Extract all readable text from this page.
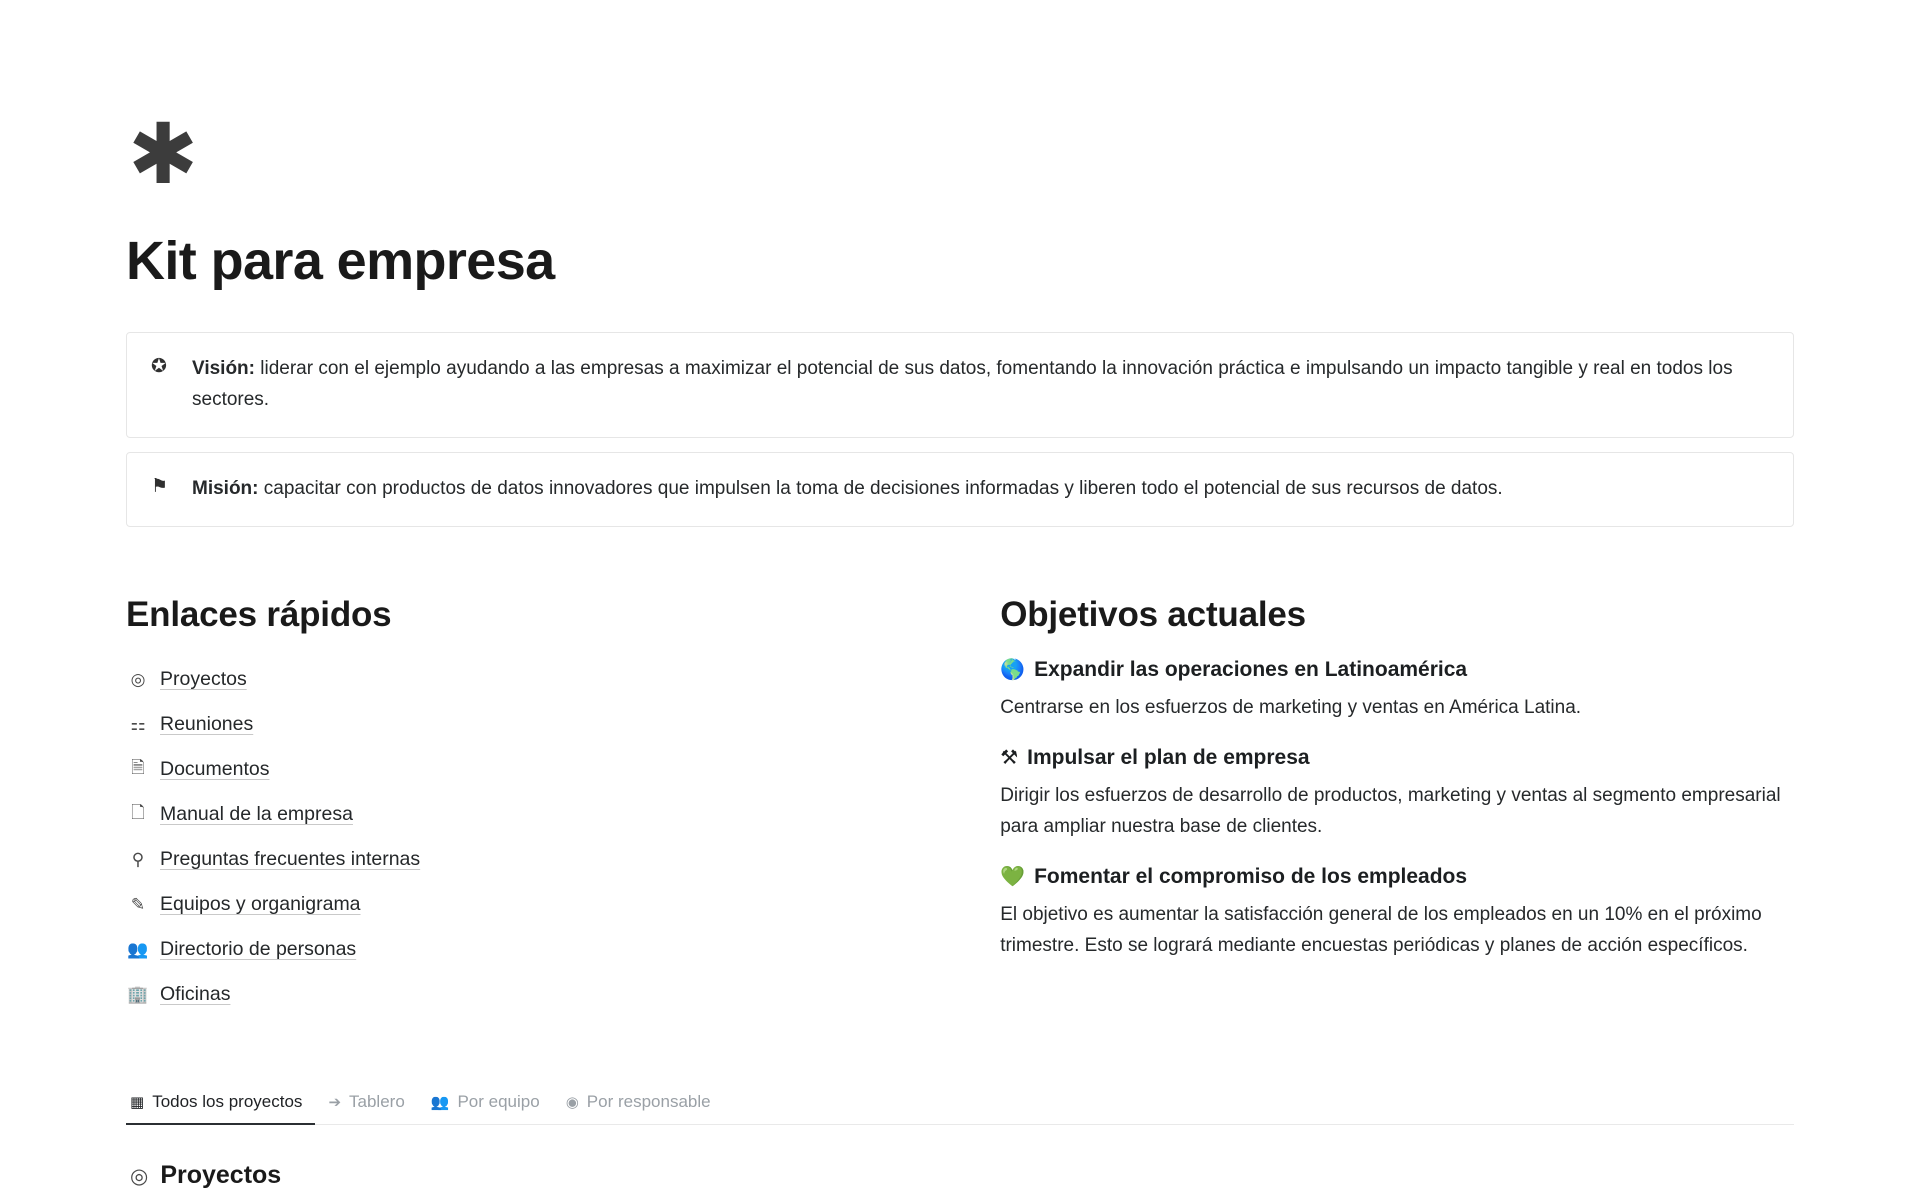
✱
Kit para empresa
✪	Visión: liderar con el ejemplo ayudando a las empresas a maximizar el potencial de sus datos, fomentando la innovación práctica e impulsando un impacto tangible y real en todos los sectores.
⚑ Misión: capacitar con productos de datos innovadores que impulsen la toma de decisiones informadas y liberen todo el potencial de sus recursos de datos.
Enlaces rápidos
◎ Proyectos
⚏ Reuniones
🗎 Documentos
🗋 Manual de la empresa
⚲ Preguntas frecuentes internas
✎ Equipos y organigrama
👥 Directorio de personas
🏢 Oficinas
Objetivos actuales
🌎 Expandir las operaciones en Latinoamérica
Centrarse en los esfuerzos de marketing y ventas en América Latina.
⚒ Impulsar el plan de empresa
Dirigir los esfuerzos de desarrollo de productos, marketing y ventas al segmento empresarial para ampliar nuestra base de clientes.
💚 Fomentar el compromiso de los empleados
El objetivo es aumentar la satisfacción general de los empleados en un 10% en el próximo trimestre. Esto se logrará mediante encuestas periódicas y planes de acción específicos.
▦ Todos los proyectos ➔ Tablero 👥 Por equipo ◉ Por responsable
◎ Proyectos
